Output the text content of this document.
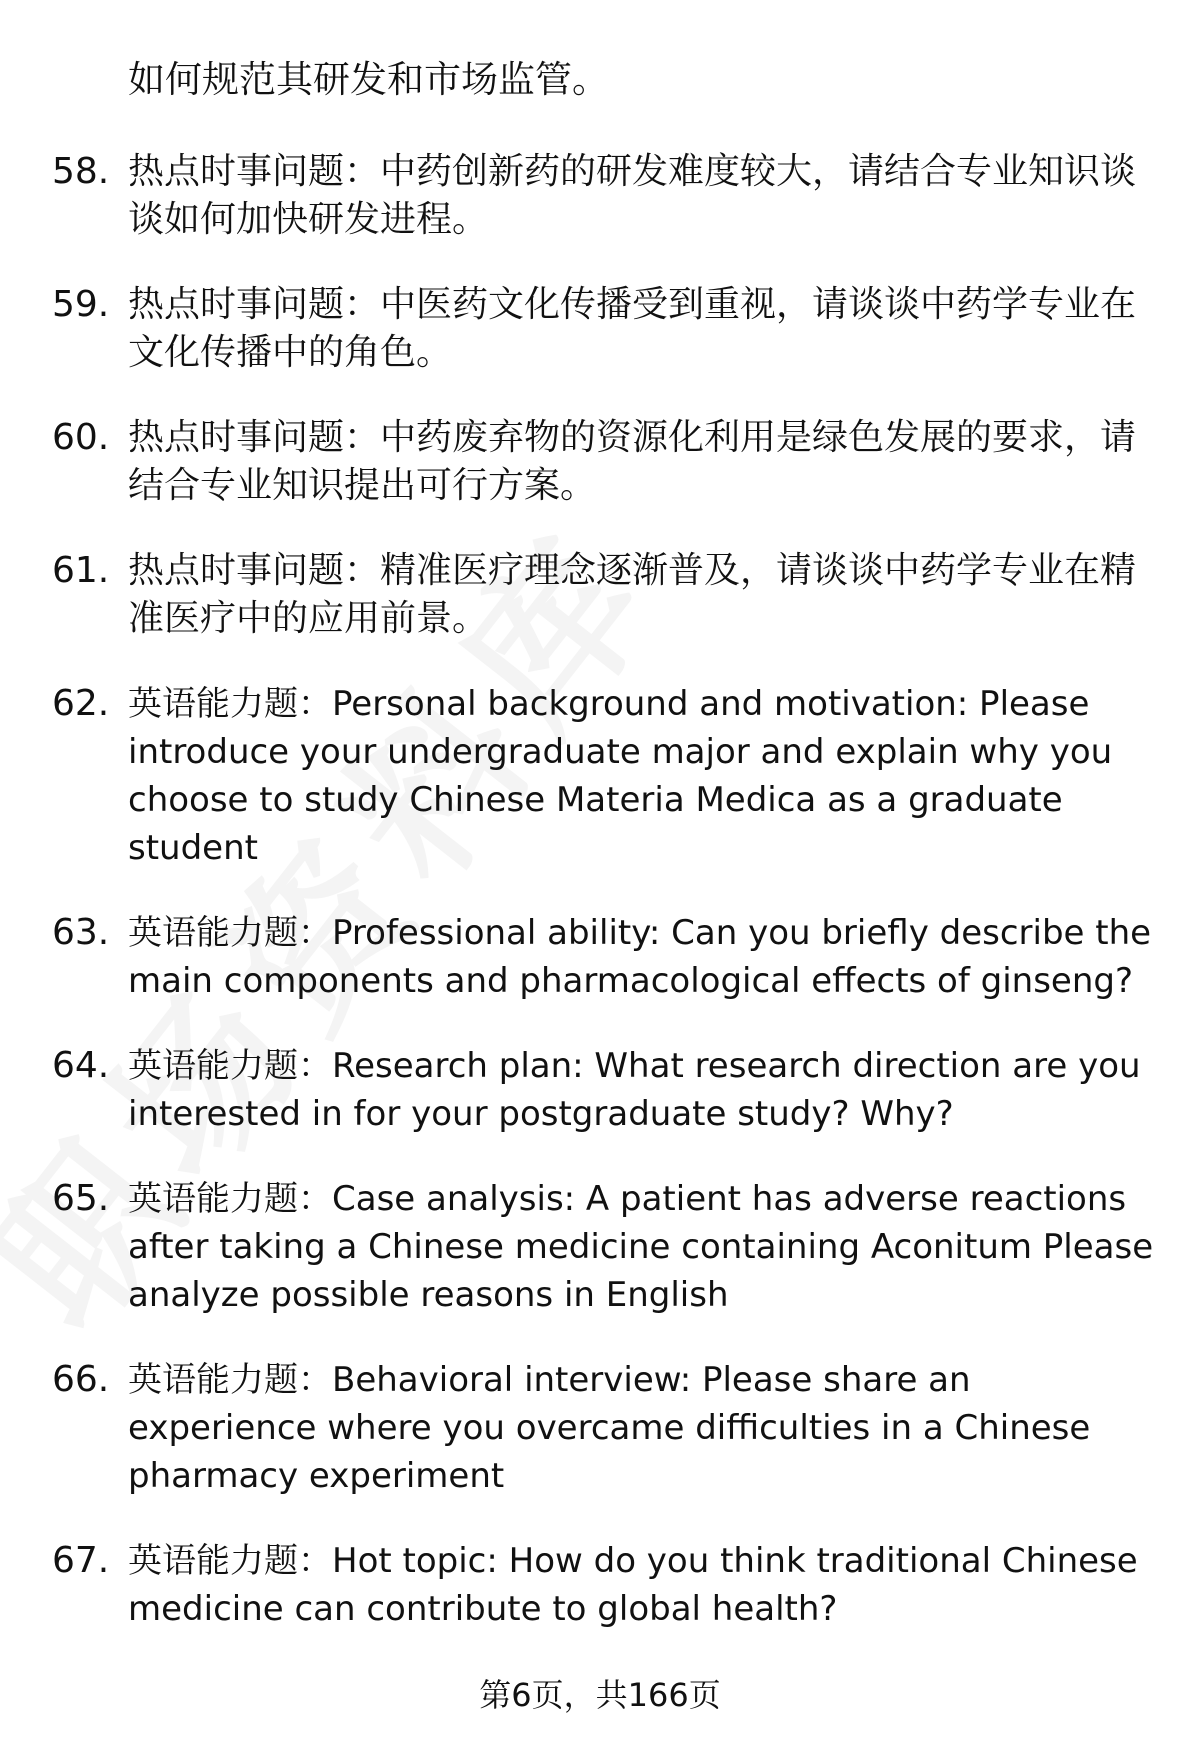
如何规范其研发和市场监管。
58. 热点时事问题：中药创新药的研发难度较大，请结合专业知识谈谈如何加快研发进程。
59. 热点时事问题：中医药文化传播受到重视，请谈谈中药学专业在文化传播中的角色。
60. 热点时事问题：中药废弃物的资源化利用是绿色发展的要求，请结合专业知识提出可行方案。
61. 热点时事问题：精准医疗理念逐渐普及，请谈谈中药学专业在精准医疗中的应用前景。
62. 英语能力题：Personal background and motivation: Please introduce your undergraduate major and explain why you choose to study Chinese Materia Medica as a graduate student
63. 英语能力题：Professional ability: Can you briefly describe the main components and pharmacological effects of ginseng?
64. 英语能力题：Research plan: What research direction are you interested in for your postgraduate study? Why?
65. 英语能力题：Case analysis: A patient has adverse reactions after taking a Chinese medicine containing Aconitum Please analyze possible reasons in English
66. 英语能力题：Behavioral interview: Please share an experience where you overcame difficulties in a Chinese pharmacy experiment
67. 英语能力题：Hot topic: How do you think traditional Chinese medicine can contribute to global health?
第6页，共166页
